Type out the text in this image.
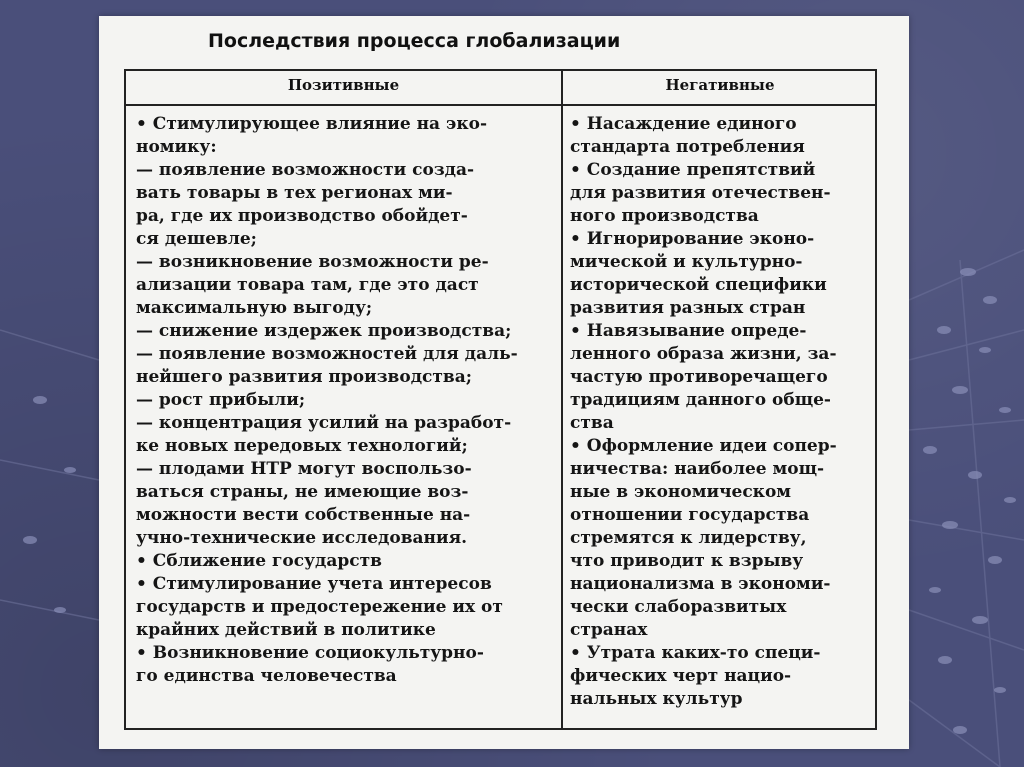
Последствия процесса глобализации
Позитивные	Негативные
• Стимулирующее влияние на эко-
номику:
— появление возможности созда-
вать товары в тех регионах ми-
ра, где их производство обойдет-
ся дешевле;
— возникновение возможности ре-
ализации товара там, где это даст
максимальную выгоду;
— снижение издержек производства;
— появление возможностей для даль-
нейшего развития производства;
— рост прибыли;
— концентрация усилий на разработ-
ке новых передовых технологий;
— плодами НТР могут воспользо-
ваться страны, не имеющие воз-
можности вести собственные на-
учно-технические исследования.
• Сближение государств
• Стимулирование учета интересов
государств и предостережение их от
крайних действий в политике
• Возникновение социокультурно-
го единства человечества
• Насаждение единого
стандарта потребления
• Создание препятствий
для развития отечествен-
ного производства
• Игнорирование эконо-
мической и культурно-
исторической специфики
развития разных стран
• Навязывание опреде-
ленного образа жизни, за-
частую противоречащего
традициям данного обще-
ства
• Оформление идеи сопер-
ничества: наиболее мощ-
ные в экономическом
отношении государства
стремятся к лидерству,
что приводит к взрыву
национализма в экономи-
чески слаборазвитых
странах
• Утрата каких-то специ-
фических черт нацио-
нальных культур
